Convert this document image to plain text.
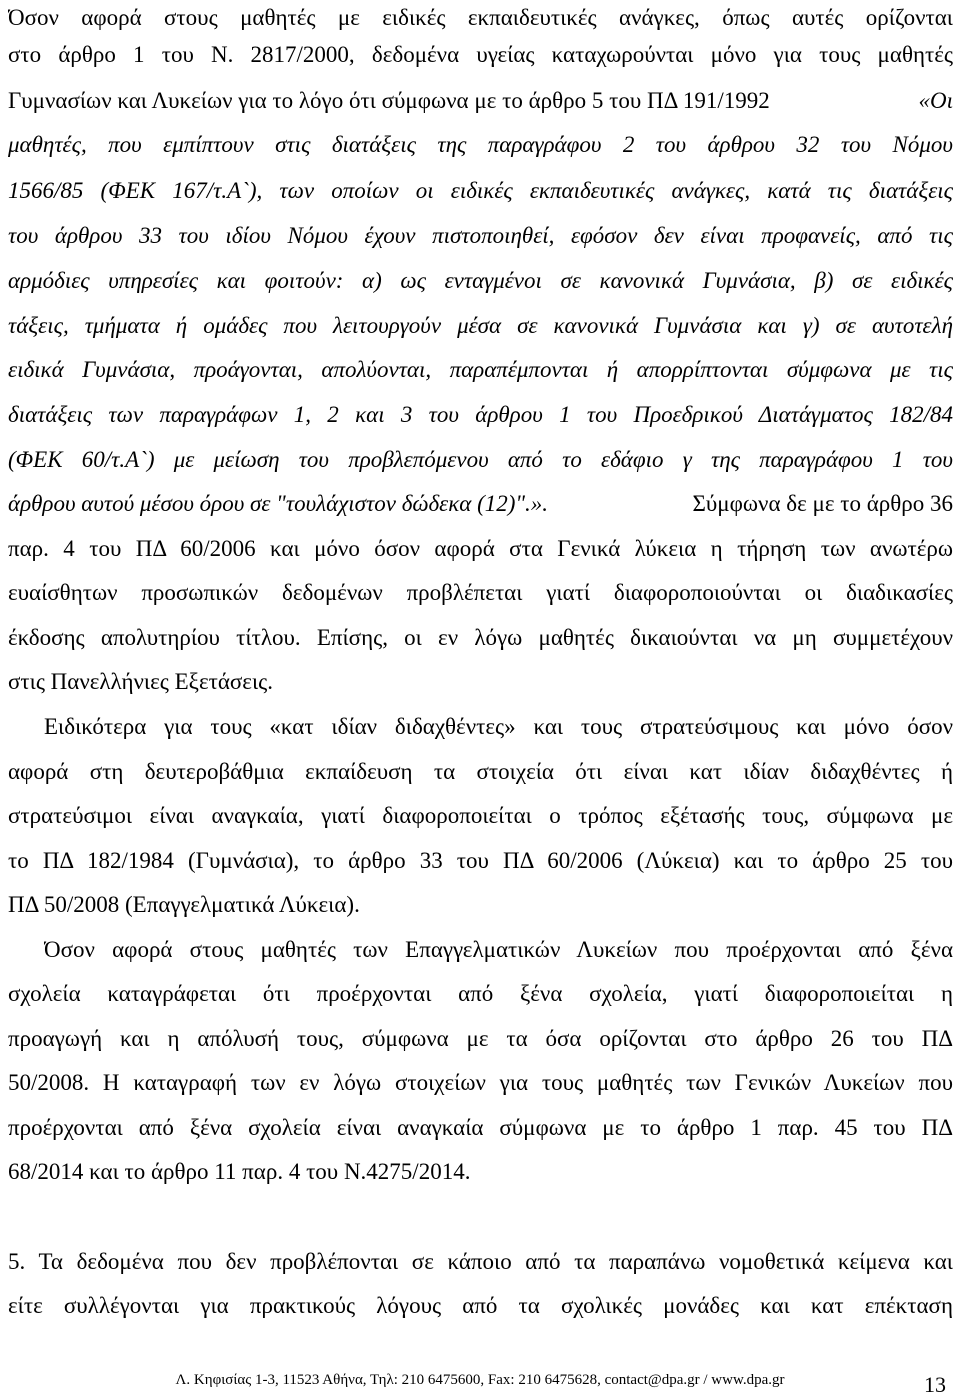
Όσον αφορά στους μαθητές με ειδικές εκπαιδευτικές ανάγκες, όπως αυτές ορίζονται
στο άρθρο 1 του Ν. 2817/2000, δεδομένα υγείας καταχωρούνται μόνο για τους μαθητές
Γυμνασίων και Λυκείων για το λόγο ότι σύμφωνα με το άρθρο 5 του ΠΔ 191/1992	«Οι
μαθητές, που εμπίπτουν στις διατάξεις της παραγράφου 2 του άρθρου 32 του Νόμου
1566/85 (ΦΕΚ 167/τ.Α`), των οποίων οι ειδικές εκπαιδευτικές ανάγκες, κατά τις διατάξεις
του άρθρου 33 του ιδίου Νόμου έχουν πιστοποιηθεί, εφόσον δεν είναι προφανείς, από τις
αρμόδιες υπηρεσίες και φοιτούν: α) ως ενταγμένοι σε κανονικά Γυμνάσια, β) σε ειδικές
τάξεις, τμήματα ή ομάδες που λειτουργούν μέσα σε κανονικά Γυμνάσια και γ) σε αυτοτελή
ειδικά Γυμνάσια, προάγονται, απολύονται, παραπέμπονται ή απορρίπτονται σύμφωνα με τις
διατάξεις των παραγράφων 1, 2 και 3 του άρθρου 1 του Προεδρικού Διατάγματος 182/84
(ΦΕΚ 60/τ.Α`) με μείωση του προβλεπόμενου από το εδάφιο γ της παραγράφου 1 του
άρθρου αυτού μέσου όρου σε "τουλάχιστον δώδεκα (12)".».	Σύμφωνα δε με το άρθρο 36
παρ. 4 του ΠΔ 60/2006 και μόνο όσον αφορά στα Γενικά λύκεια η τήρηση των ανωτέρω
ευαίσθητων προσωπικών δεδομένων προβλέπεται γιατί διαφοροποιούνται οι διαδικασίες
έκδοσης απολυτηρίου τίτλου. Επίσης, οι εν λόγω μαθητές δικαιούνται να μη συμμετέχουν
στις Πανελλήνιες Εξετάσεις.
Ειδικότερα για τους «κατ ιδίαν διδαχθέντες» και τους στρατεύσιμους και μόνο όσον
αφορά στη δευτεροβάθμια εκπαίδευση τα στοιχεία ότι είναι κατ ιδίαν διδαχθέντες ή
στρατεύσιμοι είναι αναγκαία, γιατί διαφοροποιείται ο τρόπος εξέτασής τους, σύμφωνα με
το ΠΔ 182/1984 (Γυμνάσια), το άρθρο 33 του ΠΔ 60/2006 (Λύκεια) και το άρθρο 25 του
ΠΔ 50/2008 (Επαγγελματικά Λύκεια).
Όσον αφορά στους μαθητές των Επαγγελματικών Λυκείων που προέρχονται από ξένα
σχολεία καταγράφεται ότι προέρχονται από ξένα σχολεία, γιατί διαφοροποιείται η
προαγωγή και η απόλυσή τους, σύμφωνα με τα όσα ορίζονται στο άρθρο 26 του ΠΔ
50/2008. Η καταγραφή των εν λόγω στοιχείων για τους μαθητές των Γενικών Λυκείων που
προέρχονται από ξένα σχολεία είναι αναγκαία σύμφωνα με το άρθρο 1 παρ. 45 του ΠΔ
68/2014 και το άρθρο 11 παρ. 4 του Ν.4275/2014.
5. Τα δεδομένα που δεν προβλέπονται σε κάποιο από τα παραπάνω νομοθετικά κείμενα και
είτε συλλέγονται για πρακτικούς λόγους από τα σχολικές μονάδες και κατ επέκταση
Λ. Κηφισίας 1-3, 11523 Αθήνα, Τηλ: 210 6475600, Fax: 210 6475628, contact@dpa.gr / www.dpa.gr	13
